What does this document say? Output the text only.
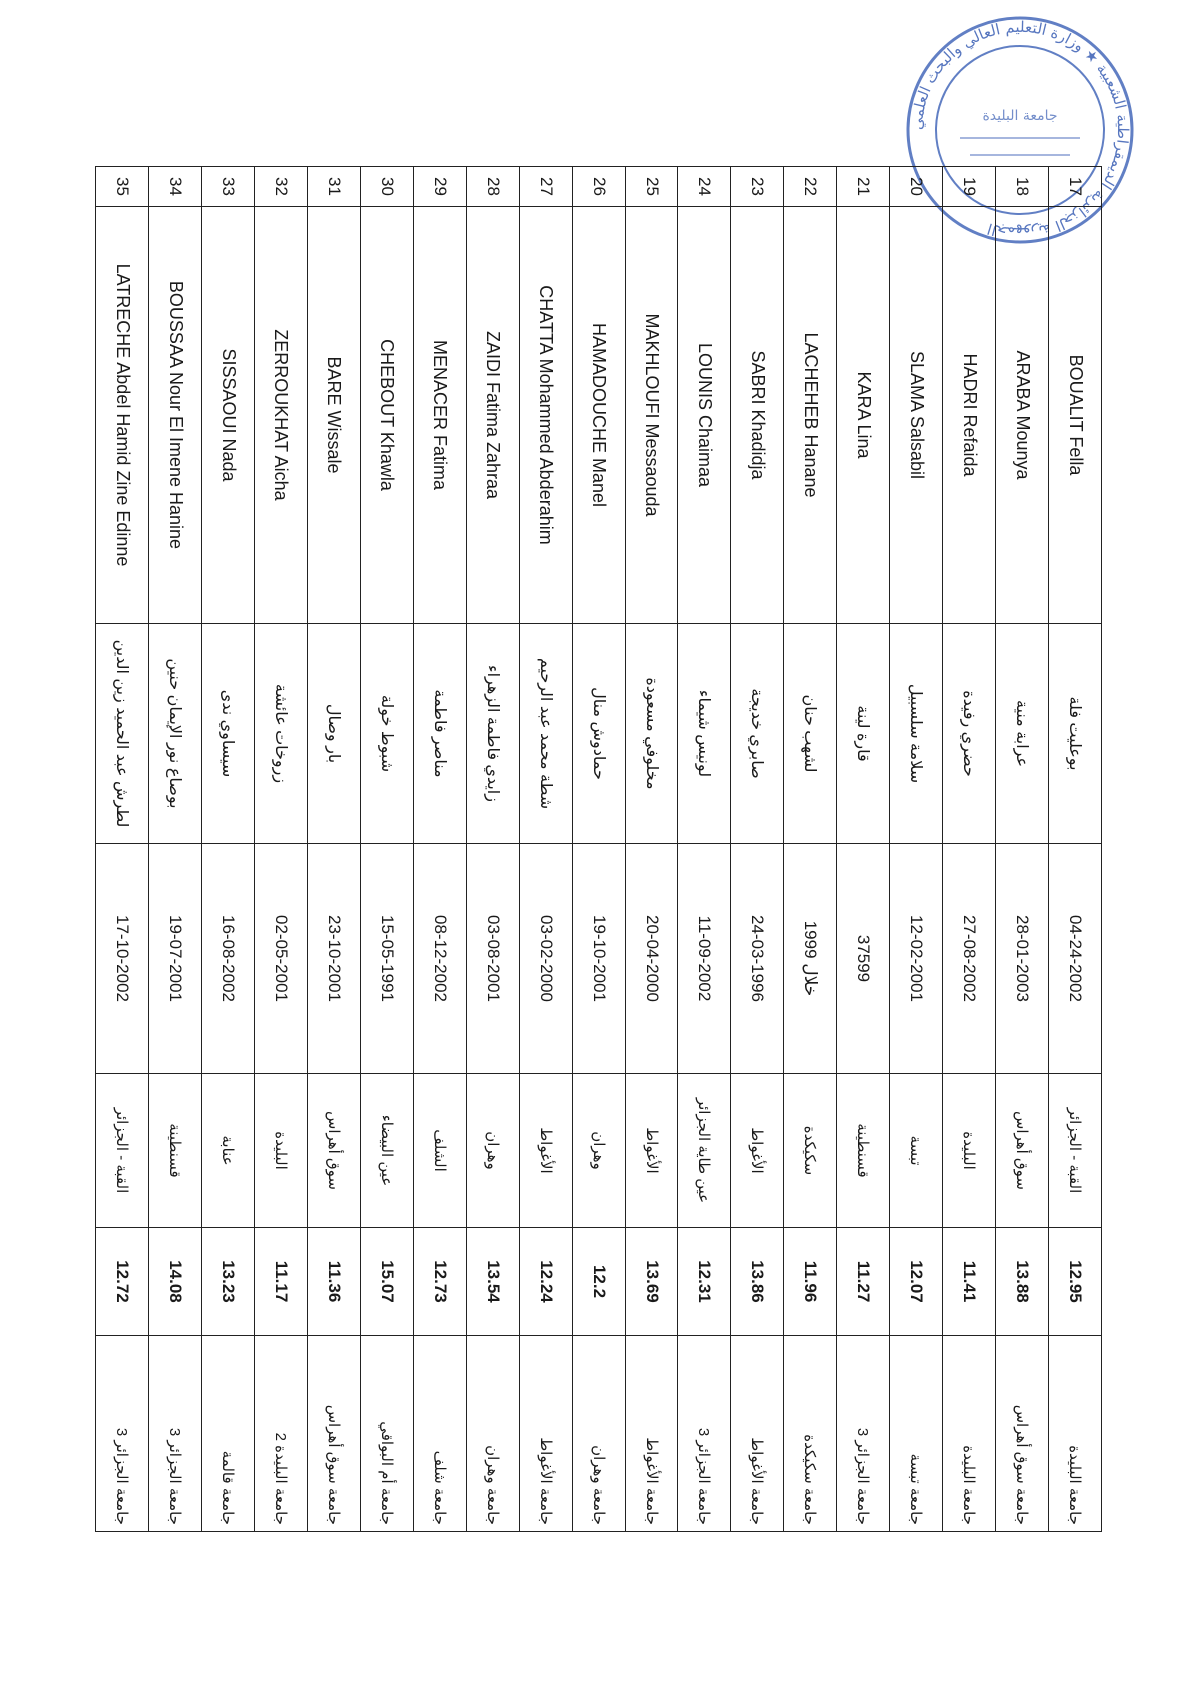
الجمهورية الجزائرية الديمقراطية الشعبية ★ وزارة التعليم العالي والبحث العلمي
جامعة البليدة
17	BOUALIT Fella	بوعليت فلة	04-24-2002	القبة - الجزائر	12.95	جامعة البليدة
18	ARABA Mounya	عرابة منية	28-01-2003	سوق أهراس	13.88	جامعة سوق أهراس
19	HADRI Refaida	حضري رفيدة	27-08-2002	البليدة	11.41	جامعة البليدة
20	SLAMA Salsabil	سلامة سلسبيل	12-02-2001	تبسة	12.07	جامعة تبسة
21	KARA Lina	قارة لينة	37599	قسنطينة	11.27	جامعة الجزائر 3
22	LACHEHEB Hanane	لشهب حنان	خلال 1999	سكيكدة	11.96	جامعة سكيكدة
23	SABRI Khadidja	صابري خديجة	24-03-1996	الأغواط	13.86	جامعة الأغواط
24	LOUNIS Chaimaa	لونيس شيماء	11-09-2002	عين طاية الجزائر	12.31	جامعة الجزائر 3
25	MAKHLOUFI Messaouda	مخلوفي مسعودة	20-04-2000	الأغواط	13.69	جامعة الأغواط
26	HAMADOUCHE Manel	حمادوش منال	19-10-2001	وهران	12.2	جامعة وهران
27	CHATTA Mohammed Abderahim	شطة محمد عبد الرحيم	03-02-2000	الأغواط	12.24	جامعة الأغواط
28	ZAIDI Fatima Zahraa	زايدي فاطمة الزهراء	03-08-2001	وهران	13.54	جامعة وهران
29	MENACER Fatima	مناصر فاطمة	08-12-2002	الشلف	12.73	جامعة شلف
30	CHEBOUT Khawla	شبوط خولة	15-05-1991	عين البيضاء	15.07	جامعة أم البواقي
31	BARE Wissale	بار وصال	23-10-2001	سوق أهراس	11.36	جامعة سوق أهراس
32	ZERROUKHAT Aicha	زروخات عائشة	02-05-2001	البليدة	11.17	جامعة البليدة 2
33	SISSAOUI Nada	سيساوي ندى	16-08-2002	عنابة	13.23	جامعة قالمة
34	BOUSSAA Nour El Imene Hanine	بوصاع نور الإيمان حنين	19-07-2001	قسنطينة	14.08	جامعة الجزائر 3
35	LATRECHE Abdel Hamid Zine Edinne	لطرش عبد الحميد زين الدين	17-10-2002	القبة - الجزائر	12.72	جامعة الجزائر 3
